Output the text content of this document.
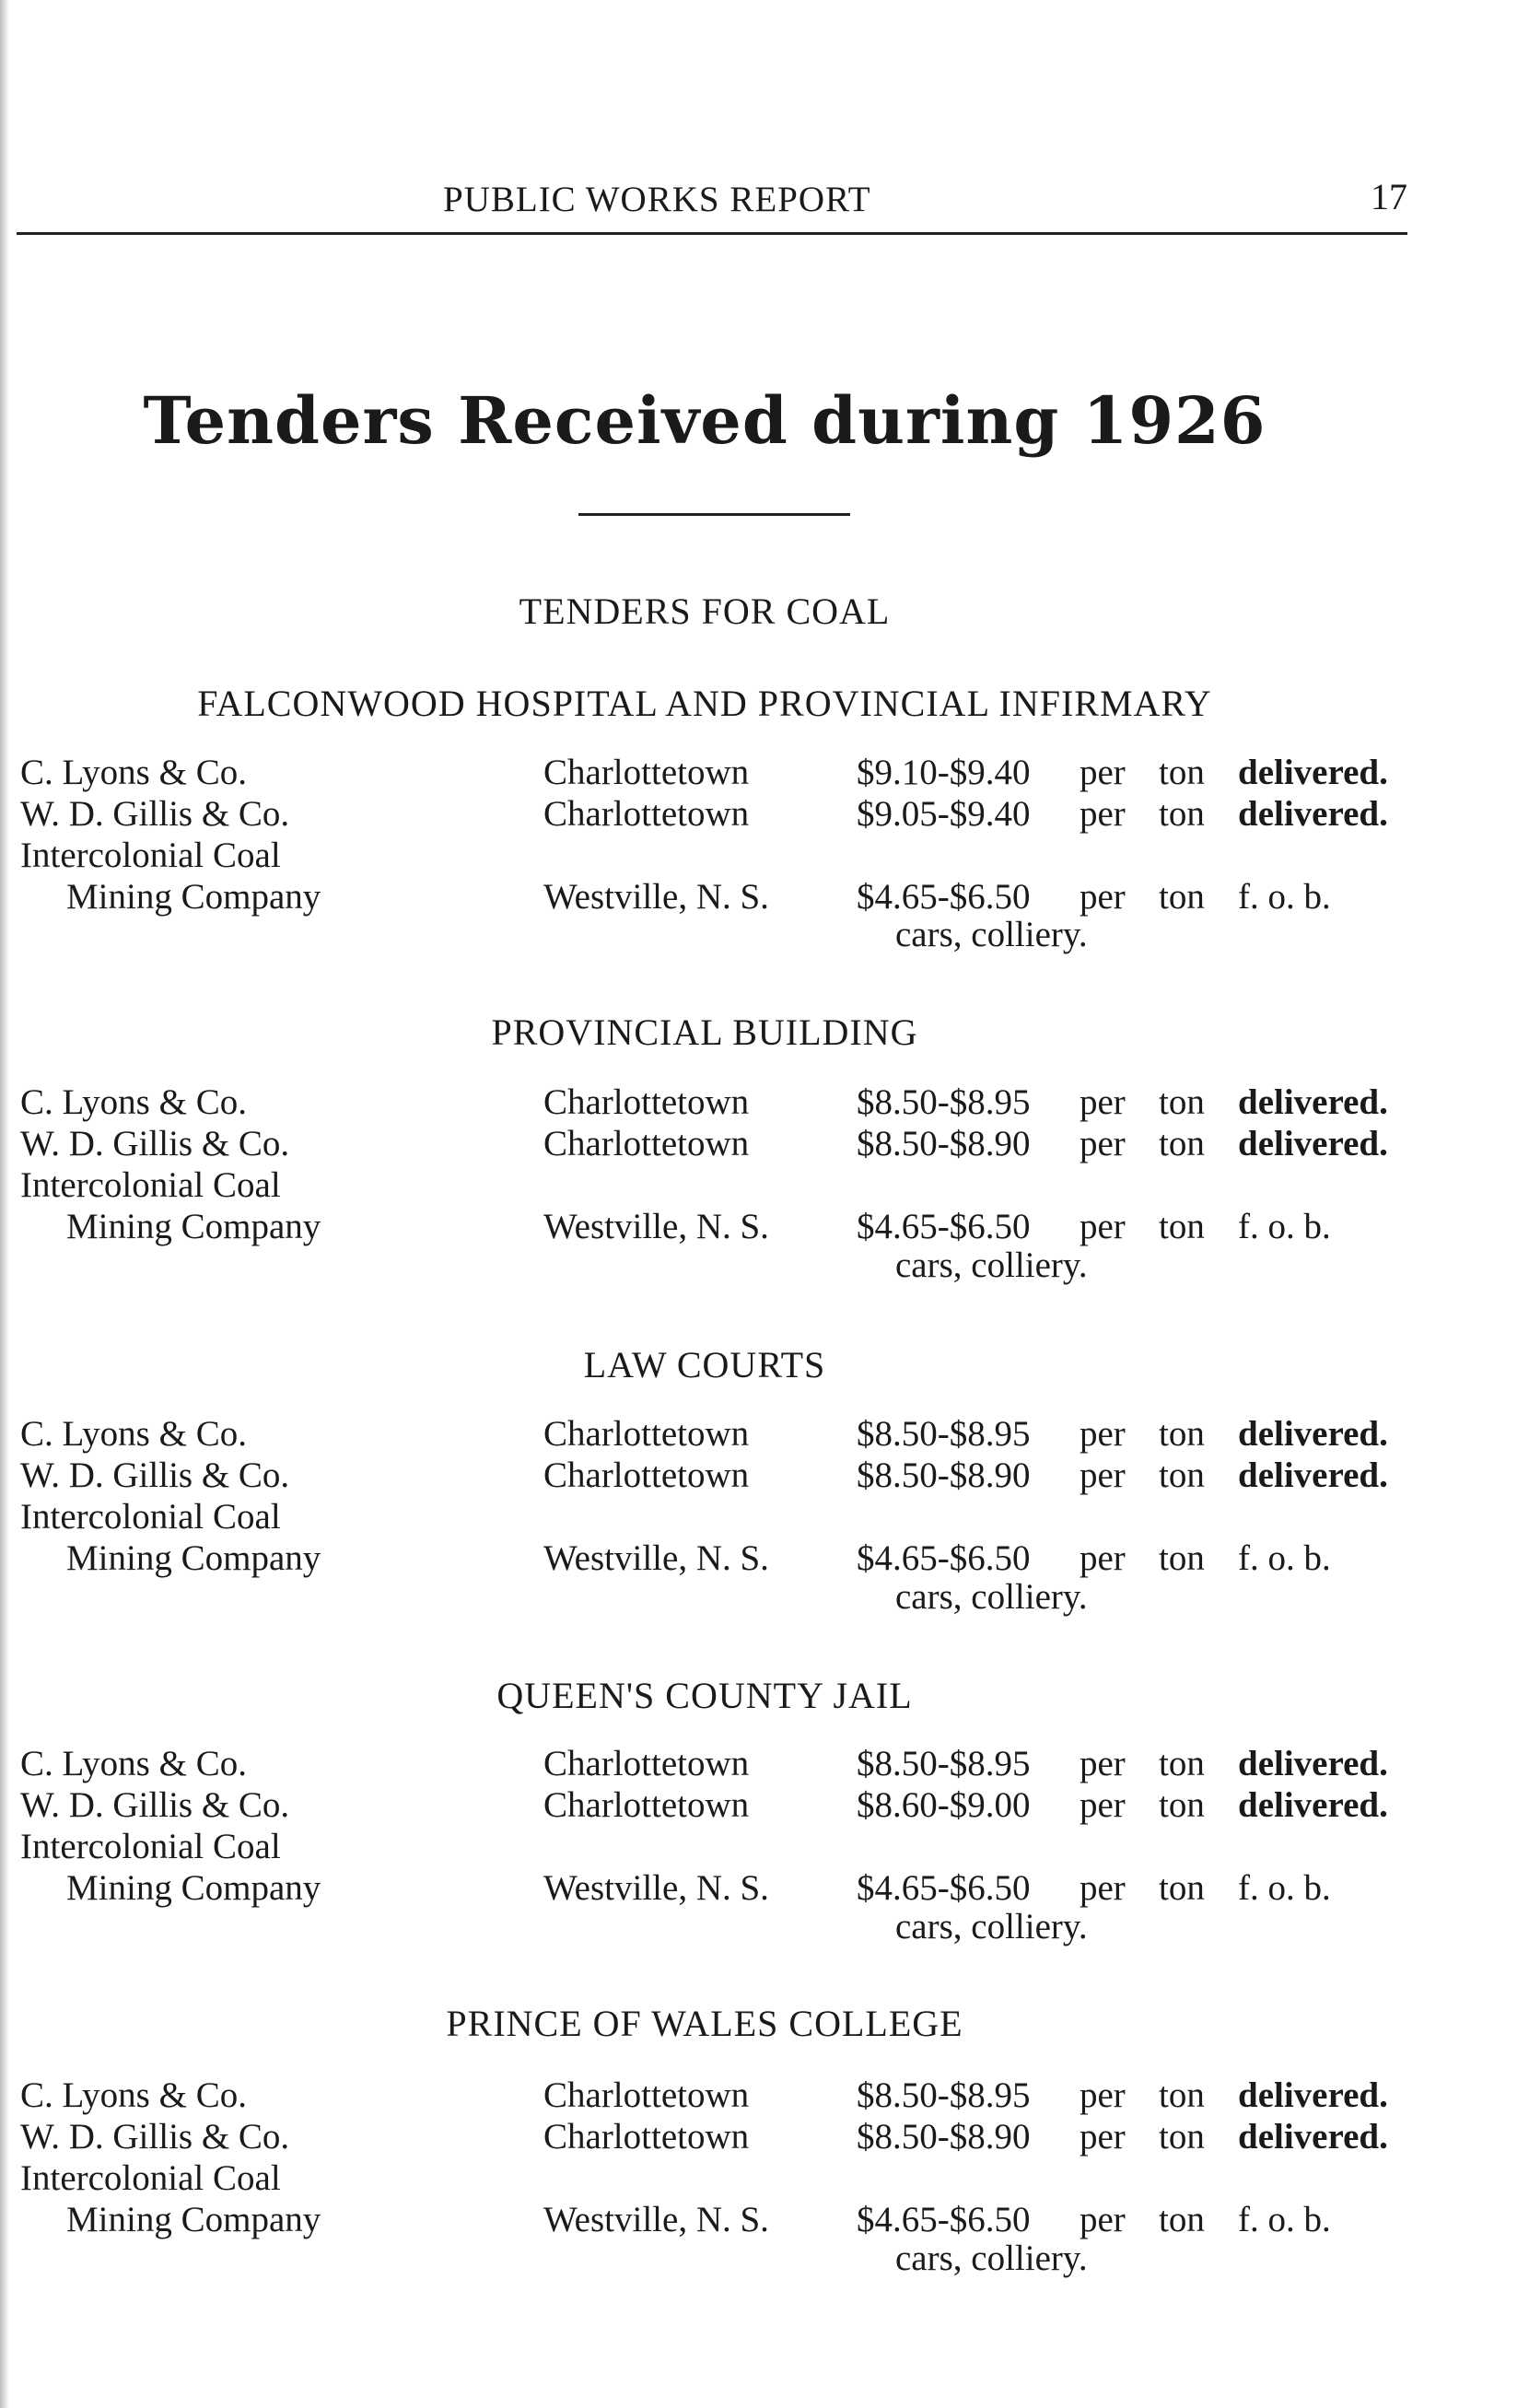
PUBLIC WORKS REPORT	17
Tenders Received during 1926
TENDERS FOR COAL
FALCONWOOD HOSPITAL AND PROVINCIAL INFIRMARY
C. Lyons & Co.	Charlottetown	$9.10-$9.40 per ton delivered.
W. D. Gillis & Co.	Charlottetown	$9.05-$9.40 per ton delivered.
Intercolonial Coal
Mining Company	Westville, N. S. $4.65-$6.50 per ton f. o. b.
cars, colliery.
PROVINCIAL BUILDING
C. Lyons & Co.	Charlottetown	$8.50-$8.95 per ton delivered.
W. D. Gillis & Co.	Charlottetown	$8.50-$8.90 per ton delivered.
Intercolonial Coal
Mining Company	Westville, N. S. $4.65-$6.50 per ton f. o. b.
cars, colliery.
LAW COURTS
C. Lyons & Co.	Charlottetown	$8.50-$8.95 per ton delivered.
W. D. Gillis & Co.	Charlottetown	$8.50-$8.90 per ton delivered.
Intercolonial Coal
Mining Company	Westville, N. S. $4.65-$6.50 per ton f. o. b.
cars, colliery.
QUEEN'S COUNTY JAIL
C. Lyons & Co.	Charlottetown	$8.50-$8.95 per ton delivered.
W. D. Gillis & Co.	Charlottetown	$8.60-$9.00 per ton delivered.
Intercolonial Coal
Mining Company	Westville, N. S. $4.65-$6.50 per ton f. o. b.
cars, colliery.
PRINCE OF WALES COLLEGE
C. Lyons & Co.	Charlottetown	$8.50-$8.95 per ton delivered.
W. D. Gillis & Co.	Charlottetown	$8.50-$8.90 per ton delivered.
Intercolonial Coal
Mining Company	Westville, N. S. $4.65-$6.50 per ton f. o. b.
cars, colliery.
